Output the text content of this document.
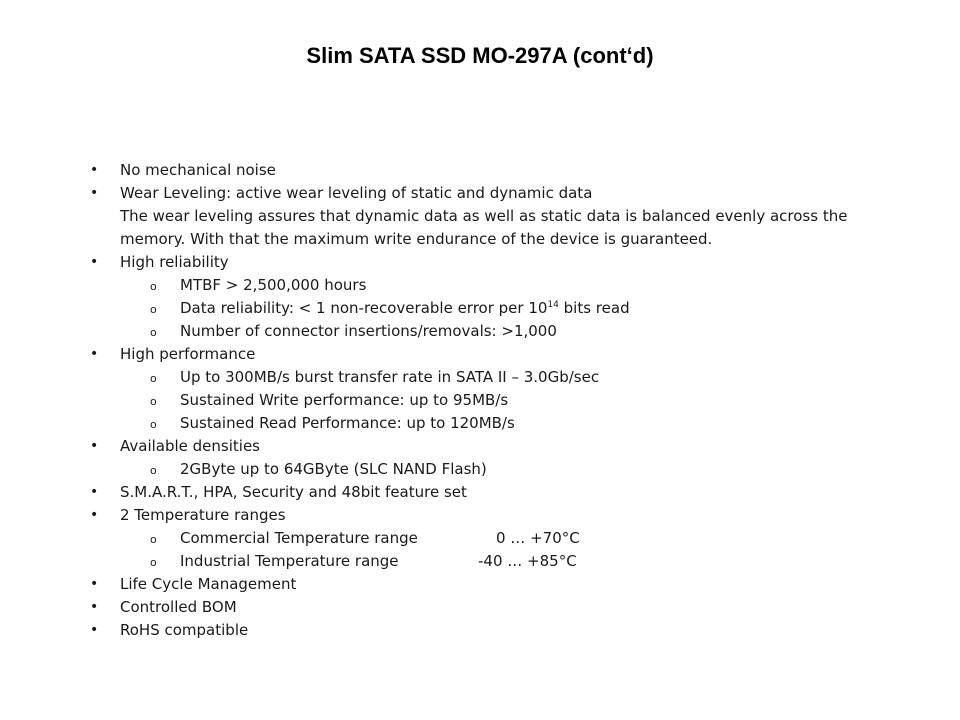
Slim SATA SSD MO-297A (cont‘d)
• No mechanical noise
• Wear Leveling: active wear leveling of static and dynamic data
The wear leveling assures that dynamic data as well as static data is balanced evenly across the
memory. With that the maximum write endurance of the device is guaranteed.
• High reliability
o MTBF > 2,500,000 hours
o Data reliability: < 1 non-recoverable error per $10^{14}$ bits read
o Number of connector insertions/removals: >1,000
• High performance
o Up to 300MB/s burst transfer rate in SATA II – 3.0Gb/sec
o Sustained Write performance: up to 95MB/s
o Sustained Read Performance: up to 120MB/s
• Available densities
o 2GByte up to 64GByte (SLC NAND Flash)
• S.M.A.R.T., HPA, Security and 48bit feature set
• 2 Temperature ranges
o Commercial Temperature range	0 … +70°C
o Industrial Temperature range	-40 … +85°C
• Life Cycle Management
• Controlled BOM
• RoHS compatible
